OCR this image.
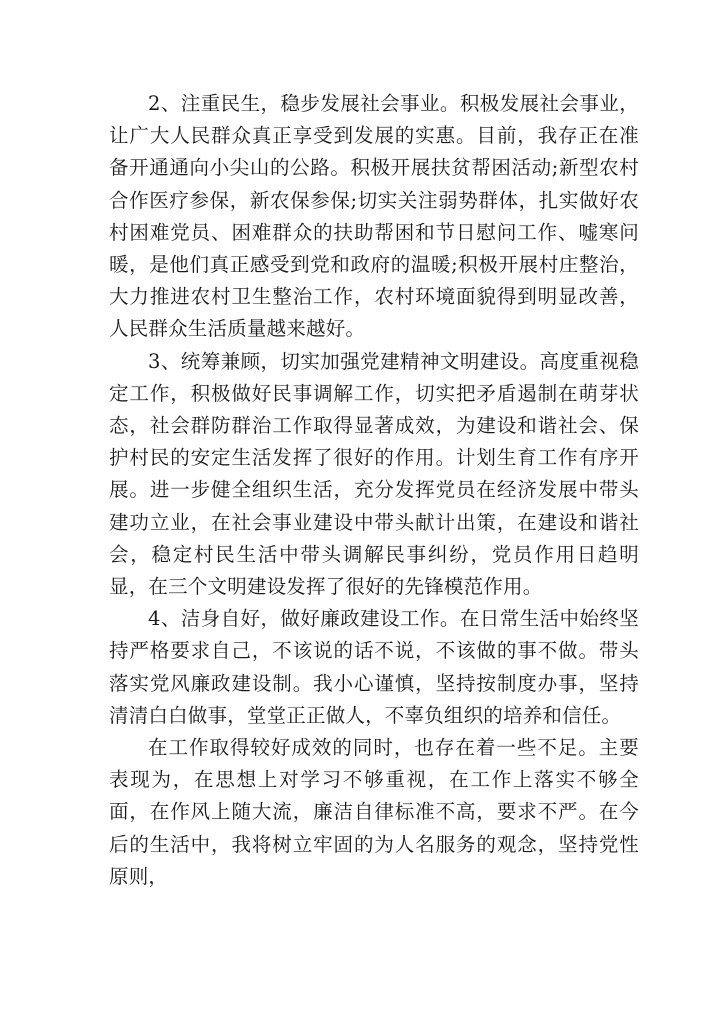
2、注重民生，稳步发展社会事业。积极发展社会事业，让广大人民群众真正享受到发展的实惠。目前，我存正在准备开通通向小尖山的公路。积极开展扶贫帮困活动;新型农村合作医疗参保，新农保参保;切实关注弱势群体，扎实做好农村困难党员、困难群众的扶助帮困和节日慰问工作、嘘寒问暖，是他们真正感受到党和政府的温暖;积极开展村庄整治，大力推进农村卫生整治工作，农村环境面貌得到明显改善，人民群众生活质量越来越好。

3、统筹兼顾，切实加强党建精神文明建设。高度重视稳定工作，积极做好民事调解工作，切实把矛盾遏制在萌芽状态，社会群防群治工作取得显著成效，为建设和谐社会、保护村民的安定生活发挥了很好的作用。计划生育工作有序开展。进一步健全组织生活，充分发挥党员在经济发展中带头建功立业，在社会事业建设中带头献计出策，在建设和谐社会，稳定村民生活中带头调解民事纠纷，党员作用日趋明显，在三个文明建设发挥了很好的先锋模范作用。

4、洁身自好，做好廉政建设工作。在日常生活中始终坚持严格要求自己，不该说的话不说，不该做的事不做。带头落实党风廉政建设制。我小心谨慎，坚持按制度办事，坚持清清白白做事，堂堂正正做人，不辜负组织的培养和信任。

在工作取得较好成效的同时，也存在着一些不足。主要表现为，在思想上对学习不够重视，在工作上落实不够全面，在作风上随大流，廉洁自律标准不高，要求不严。在今后的生活中，我将树立牢固的为人名服务的观念，坚持党性原则，
